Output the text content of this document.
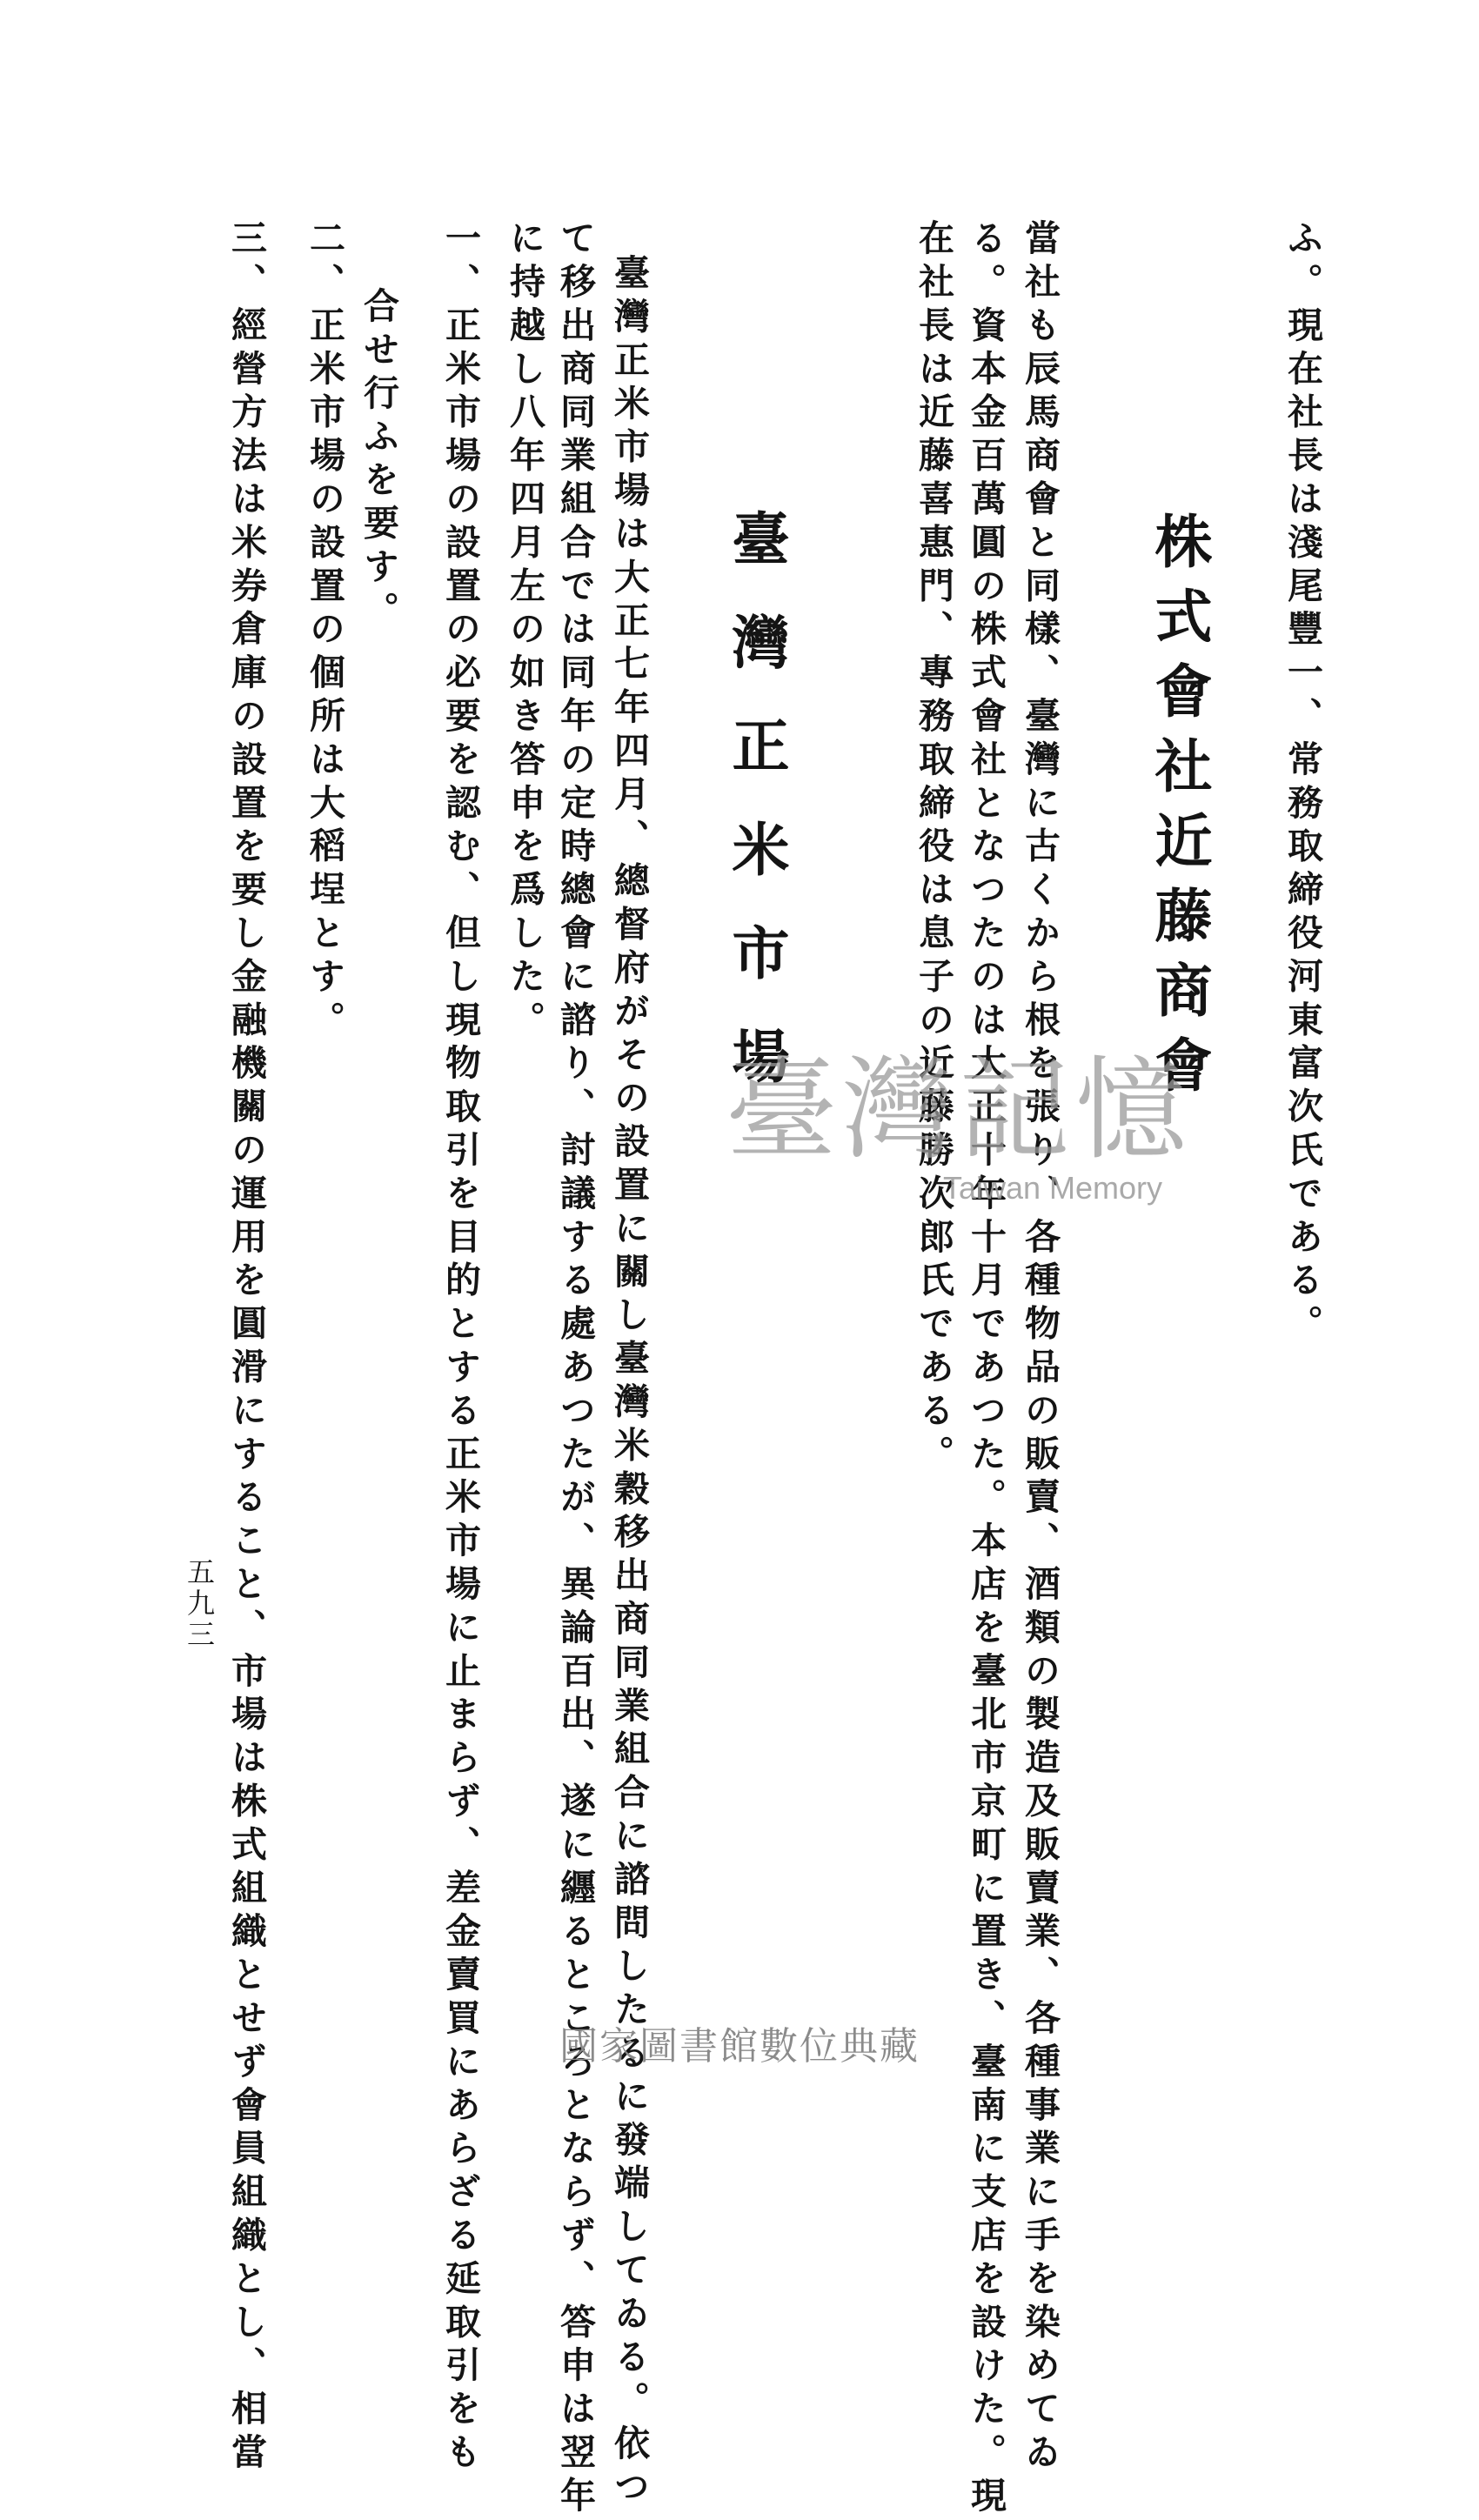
ふ。現在社長は淺尾豐一、常務取締役河東富次氏である。
當社も辰馬商會と同樣、臺灣に古くから根を張り、各種物品の販賣、酒類の製造及販賣業、各種事業に手を染めてゐ
る。資本金百萬圓の株式會社となつたのは大正十年十月であつた。本店を臺北市京町に置き、臺南に支店を設けた。現
在社長は近藤喜惠門、專務取締役は息子の近藤勝次郎氏である。
臺灣正米市場は大正七年四月、總督府がその設置に關し臺灣米穀移出商同業組合に諮問したるに發端してゐる。依つ
て移出商同業組合では同年の定時總會に諮り、討議する處あつたが、異論百出、遂に纒るところとならず、答申は翌年
に持越し八年四月左の如き答申を爲した。
一、正米市場の設置の必要を認む、但し現物取引を目的とする正米市場に止まらず、差金賣買にあらざる延取引をも
合せ行ふを要す。
二、正米市場の設置の個所は大稻埕とす。
三、經營方法は米券倉庫の設置を要し金融機關の運用を圓滑にすること、市場は株式組織とせず會員組織とし、相當	株式會社近藤商會
臺灣正米市場
五九三
臺灣記憶
Taiwan Memory
國家圖書館數位典藏
